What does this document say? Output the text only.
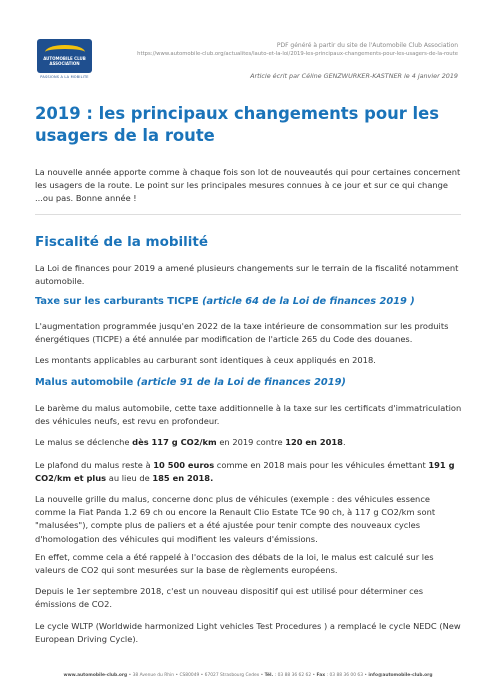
AUTOMOBILE CLUB
ASSOCIATION
PASSIONS A LA MOBILITE
PDF généré à partir du site de l'Automobile Club Association
https://www.automobile-club.org/actualites/lauto-et-la-loi/2019-les-principaux-changements-pour-les-usagers-de-la-route
Article écrit par Céline GENZWURKER-KASTNER le 4 janvier 2019
2019 : les principaux changements pour les usagers de la route

La nouvelle année apporte comme à chaque fois son lot de nouveautés qui pour certaines concernent les usagers de la route. Le point sur les principales mesures connues à ce jour et sur ce qui change ...ou pas. Bonne année !

Fiscalité de la mobilité

La Loi de finances pour 2019 a amené plusieurs changements sur le terrain de la fiscalité notamment automobile.

Taxe sur les carburants TICPE (article 64 de la Loi de finances 2019 )

L'augmentation programmée jusqu'en 2022 de la taxe intérieure de consommation sur les produits énergétiques (TICPE) a été annulée par modification de l'article 265 du Code des douanes.

Les montants applicables au carburant sont identiques à ceux appliqués en 2018.

Malus automobile (article 91 de la Loi de finances 2019)

Le barème du malus automobile, cette taxe additionnelle à la taxe sur les certificats d'immatriculation des véhicules neufs, est revu en profondeur.

Le malus se déclenche dès 117 g CO2/km en 2019 contre 120 en 2018.

Le plafond du malus reste à 10 500 euros comme en 2018 mais pour les véhicules émettant 191 g CO2/km et plus au lieu de 185 en 2018.

La nouvelle grille du malus, concerne donc plus de véhicules (exemple : des véhicules essence comme la Fiat Panda 1.2 69 ch ou encore la Renault Clio Estate TCe 90 ch, à 117 g CO2/km sont "malusées"), compte plus de paliers et a été ajustée pour tenir compte des nouveaux cycles d'homologation des véhicules qui modifient les valeurs d'émissions.

En effet, comme cela a été rappelé à l'occasion des débats de la loi, le malus est calculé sur les valeurs de CO2 qui sont mesurées sur la base de règlements européens.

Depuis le 1er septembre 2018, c'est un nouveau dispositif qui est utilisé pour déterminer ces émissions de CO2.

Le cycle WLTP (Worldwide harmonized Light vehicles Test Procedures ) a remplacé le cycle NEDC (New European Driving Cycle).

www.automobile-club.org • 38 Avenue du Rhin • CS80049 • 67027 Strasbourg Cedex • Tél. : 03 88 36 62 62 • Fax : 03 88 36 00 63 • info@automobile-club.org
